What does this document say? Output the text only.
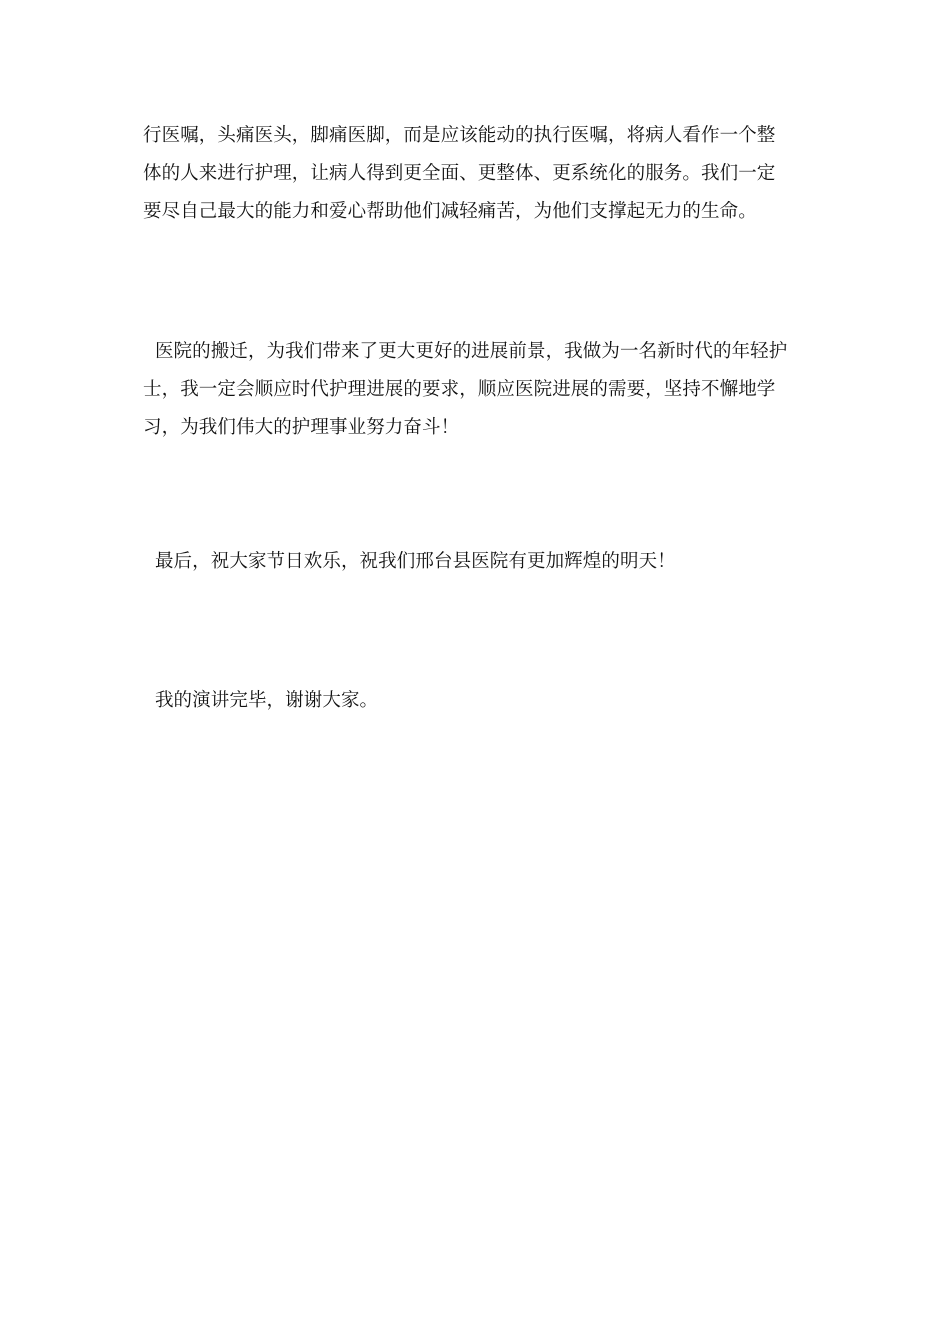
行医嘱，头痛医头，脚痛医脚，而是应该能动的执行医嘱，将病人看作一个整
体的人来进行护理，让病人得到更全面、更整体、更系统化的服务。我们一定
要尽自己最大的能力和爱心帮助他们减轻痛苦，为他们支撑起无力的生命。

医院的搬迁，为我们带来了更大更好的进展前景，我做为一名新时代的年轻护
士，我一定会顺应时代护理进展的要求，顺应医院进展的需要，坚持不懈地学
习，为我们伟大的护理事业努力奋斗！

最后，祝大家节日欢乐，祝我们邢台县医院有更加辉煌的明天！

我的演讲完毕，谢谢大家。
